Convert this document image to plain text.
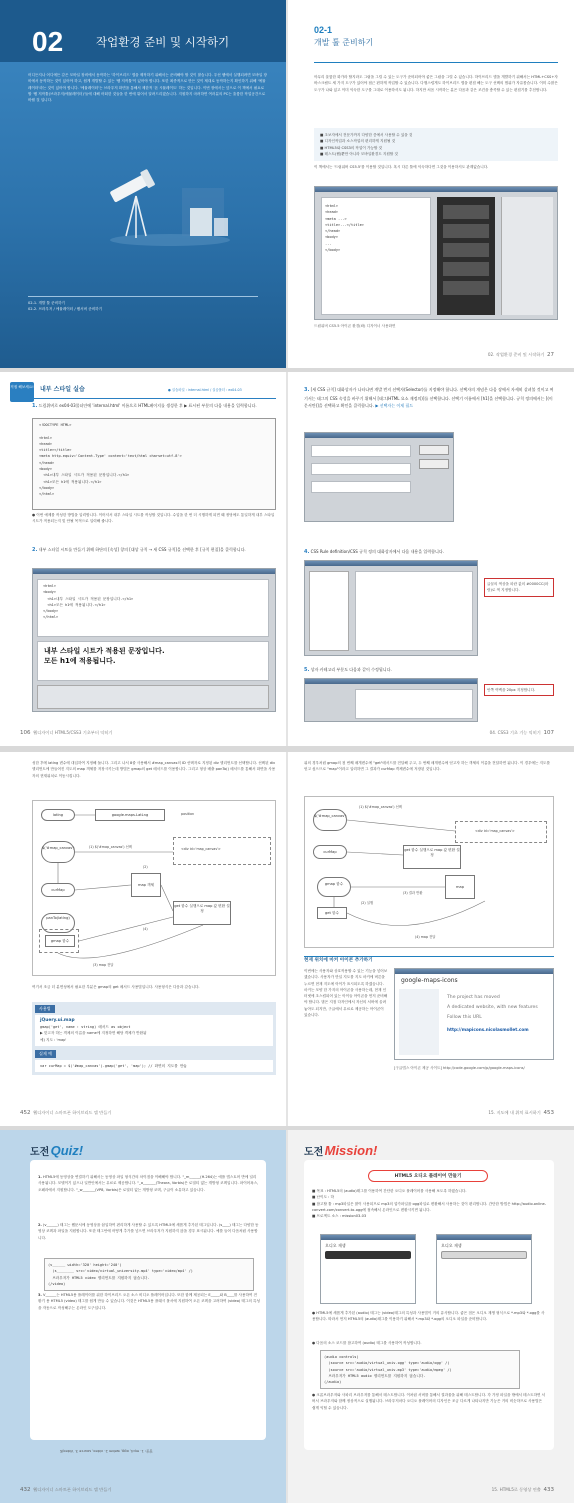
02	작업환경 준비 및 시작하기
어디든지나 어디에든 같은 모바일 장비에서 동작하는 '하이브리드' 앱을 제작하기 위해서는 준비해야 할 것이 많습니다. 우선 웹에서 실행되려면 모바일 장비에서 동작하는 것이 있어야 하고, 쉽게 개발할 수 있는 '웹 저작툴'이 있어야 합니다. 또한 최종적으로 만든 것이 제대로 동작하는지 확인하기 위해 '에뮬레이터'라는 것이 있어야 합니다. '에뮬레이터'는 브라우저 화면을 통해서 제한적 '폰 시뮬레이트' 하는 것입니다. 이번 장에서는 앞으로 이 책에서 필요로 할 '웹 저작툴(브라우저/에뮬레이터)'들에 대해 어떠한 것들을 한 번에 뭐어서 알려드리겠습니다. 지원하지 마려하면 여러분의 PC는 훌륭한 작업공간으로 바뀔 것 입니다.
02-1. 개발 툴 준비하기
02-2. 브라우저 / 에뮬레이터 / 웹서버 준비하기
02-1
개발 툴 준비하기
아무리 훌륭한 화가라 할지라도 그림을 그릴 수 있는 도구가 준비되어야 좋은 그림을 그릴 수 있습니다. 하이브리드 앱을 개발하기 위해서는 HTML+CSS+자바스크립트 세 가지 도구가 있어야 접근 편하게 작업할 수 있습니다. 다행스럽게도 하이브리드 앱을 편집 해는 도구 선택의 범위가 자유롭습니다. 이미 수많은 도구가 나와 있고 이미 익숙한 도구를 그대로 이용하셔도 됩니다. 하지만 처음 시작하는 분은 다음과 같은 조건을 충족할 수 있는 편집기를 추천합니다.
■ 초보자에서 전문가까지 다양한 층에서 사용할 수 있을 것
■ 디자인작업과 소스작업의 편리하게 지원될 것
■ HTML5와 CSS3의 작업이 가능할 것
■ 테스트(웹)뿐만 아니라 모바일환경도 지원할 것
이 책에서는 '드림위버 CS5.5'를 이용할 것입니다. 혹시 다른 툴에 익숙하다면 그것을 이용하셔도 관계없습니다.
<html>
<head>
<meta ...>
<title>...</title>
</head>
<body>
...
</body>
드림위버 CS5.5 아이콘 환경(좌) 디자이너 사용화면
02. 작업환경 준비 및 시작하기 27
직접 해보세요! 내부 스타일 실습	● 실습파일 : internal.html / 실습폴더 : ex04-03
1. 드림위버로 ex04-03폴더안에 'internal.html' 이름으로 HTML페이지를 생성한 후 ▶ 표시된 부분의 다음 내용을 입력합니다.
<!DOCTYPE HTML>

<html>
<head>
<title></title>
<meta http-equiv='Content-Type' content='text/html charset=utf-8'>
</head>
<body>
<h1>내부 스타일 시트가 적용된 문장입니다.</h1>
<h1>모든 h1에 적용됩니다.</h1>
</body>
</html>
● 이번 예제를 작성한 방법을 입력합니다. 이어셔서 내부 스타일 시트를 작성할 것입니다. 수업을 한 번 더 시행하게 되면 왜 정당에도 통일하게 내부 스타일 시트가 적용되는지 및 안될 목적으로 입력해 줍니다.
2. 내부 스타일 시트를 만들기 위해 하단의 [속성] 창의 [대상 규칙 → 새 CSS 규칙]을 선택한 후 [규칙 편집]을 클릭합니다.
<html>
<body>
<h1>내부 스타일 시트가 적용된 문장입니다.</h1>
<h1>모든 h1에 적용됩니다.</h1>
</body>
</html>
내부 스타일 시트가 적용된 문장입니다.
모든 h1에 적용됩니다.
106 웹디자이너 HTML5/CSS3 기초부터 익히기
3. [새 CSS 규칙] 대화상자가 나타나면 개발 번지 선택자(Selector)를 지정해야 합니다. 선택자의 개념은 다음 장에서 자세히 살펴볼 것이고 여기서는 태그의 CSS 속성을 바꾸기 위해서 [태그(HTML 요소 재정의)]를 선택합니다. 선택기 이름에서 [h1]을 선택합니다. 규칙 정의에서는 [(이 문서만)]을 선택하고 확인을 클릭합니다. ▶ 선택자는 이제 필드
4. CSS Rule definition/CSS 규칙 정의 대화상자에서 다음 내용을 입력합니다.
글꼴의 색상을 파란 값의 #0000CC(파랑)로 색 지정합니다.
5. 상자 카테고리 부분도 다음과 같이 수정됩니다.
안쪽 여백을 20px 지정합니다.
04. CSS3 기초 기능 익히기 107
성한 후에 latlng 변수에 대입하여 지정해 둡니다. 그리고 나서 8줄 사용해서 #map_canvas의 ID 선택자로 지정된 div 엘리먼트를 선택합니다. 선택된 div 엘리먼트에 만들어진 지도의 map 객체를 저장시키는데 방법은 gmap의 get 메서드를 이용합니다. 그리고 형상 배출 panTo() 메서드를 통해서 화면을 사용자의 현재위치로 이동시킵니다.
latlng	google.maps.LatLng	position
$('#map_canvas')	(1) $('#map_canvas') 선택	<div id='map_canvas'>
curMap
panTo(latlng)
map 객체
get 함수 실행으로 map 값 변환 설정
gmap 함수
(3) map 전달
(2)
(4)
여기서 조금 더 분면성에서 필요한 부분은 gmap의 get 메서드 사용법입니다. 사용형식은 다음과 같습니다.
사용법
jQuery.ui.map
gmap('get', name : string) 메서드 as object
▶ 맞고자 하는 객체의 이름을 name에 지정하면 해당 객체가 반환됨
예) 지도 : 'map'
실제 예
var curMap = $('#map_canvas').gmap('get', 'map'); // 화면의 지도를 만듦
452 웹디자이너 스마트폰 하이브리드 앱 만들기
위의 경우처럼 gmap의 첫 번째 매개변수에 "get"메서드를 전달해 주고, 두 번째 매개변수에 얻고자 하는 객체의 이름을 전달하면 됩니다. 이 경우에는 지도를 얻고 싶으므로 "map"이라고 입력하면 그 결과가 curMap 객체변수에 저장된 것입니다.
$('#map_canvas')
(1) $('#map_canvas') 선택
<div id='map_canvas'>
curMap	get 함수 실행으로 map 값 변환 설정
gmap 함수
get 함수
map
(2) 실행
(3) 결과 반환
(4) map 전달
현재 위치에 마커 아이콘 추가하기
이번에는 사용자와 상호작용할 수 있는 기능을 넣어보겠습니다. 사용자가 만일 지도를 지도 마커에 버튼을 누르면 현재 지도에 아이가 표시되도록 하겠습니다. 마커는 모양 한 가지의 아이콘을 사용하는데, 현재 인터넷에 초스럽되어 있는 아이들 아이콘을 먼저 준비해야 합니다. 많은 지점 다자인에서 자신의 서버에 올려놓아도 되지만, 구글에서 무료로 제공하는 아이콘이 있습니다.
google-maps-icons
The project has moved
A dedicated website, with new features
Follow this URL
http://mapicons.nicolasmollet.com
[구글맵스 아이콘 제공 사이트] http://code.google.com/p/google-maps-icons/
15. 지도에 내 위치 표시하기 453
도전 Quiz!
1. HTML5에 동영상을 연결하기 위해서는 동영상 파일 형식간의 차이점을 이해해야 합니다. "_m______(H.264)는 애플 앱스토어 반에 널리 사용됩니다. 모델이기 있으나 일반인에서는 무료로 제공합니다. "_o_______(Theora, Vorbis)은 로열티 없는 개방형 코덱입니다. 파이어폭스, 오페라에서 지원합니다. "_w_______(VP8, Vorbis)은 로열티 없는 개방형 코덱, 구글이 소유하고 있습니다.
2. (v______) 태그는 웹문서에 동영상을 삽입하여 편리하게 사용할 수 있도록 HTML5에 새롭게 추가된 태그입니다. (s____) 태그는 다양한 동영상 코덱과 파일을 지원합니다. 또한 태그안에 어떻게 추가를 넣으면 브라우저가 지원하지 않을 경우 표시됩니다. 예를 들어 다음처럼 사용합니다.
(v______ width='320' height='240')
(s________ src='video/virtual_university.mp4' type='video/mp4' /)
브라우저가 HTML5 video 엘리먼트를 지원하지 않습니다.
(/video)
3. V______는 HTML5용 플레이어를 위한 하이브리드 오픈 소스 비디오 플레이어입니다. 또한 함께 제공되는 E_____와 B____를 사용하여 전환기 용 HTML5 (video) 태그를 쉽게 만들 수 있습니다. 이것은 HTML5용 플래시 폴서에 지원하여 오픈 코덱을 고려하여 (video) 태그의 특성을 자동으로 작성해주는 온라인 도구입니다.
정답: 1. mp4, ogg, webm 2. video, source 3. VideoJS
432 웹디자이너 스마트폰 하이브리드 앱 만들기
도전 Mission!
HTML5 오디오 플레이어 만들기
■ 목표 : HTML5의 (audio)태그를 이용하여 간단한 오디오 플레이어를 사용해 보도록 하겠습니다.
■ 난이도 : 하
■ 참고할 툴 : mp3파일은 많이 사용되므로 mp3의 업카파일을 ogg파일로 변환해서 사용하는 것이 편리합니다. 간단한 방법은 http://audio.online-convert.com/convert-to-ogg에 접속해서 온라인으로 변환시키면 됩니다.
■ 프로젝트 소스 : mission03-03
오디오 재생	오디오 재생
● HTML5에 새롭게 추가된 (audio) 태그는 (video)태그의 특성과 사용법이 거의 유사합니다. 좋은 점은 오디오 재생 형식으로 *.mp3와 *.ogg를 사용합니다. 따라서 먼저 HTML5의 (audio)태그를 이용하기 위해서 *.mp3와 *.ogg의 오디오 파일을 준비합니다.
● 다음의 소스 코드를 참고하여 (audio) 태그를 사용하여 작성합니다.
(audio controls)
(source src='audio/virtual_univ.ogg' type='audio/ogg' /)
(source src='audio/virtual_univ.mp3' type='audio/mpeg' /)
브라우저가 HTML5 audio 엘리먼트를 지원하지 않습니다.
(/audio)
● 크롬브라우저와 사파리 브라우저를 통해서 테스트합니다. 이처럼 서버를 통해서 결과물을 위해 테스트합니다. 각 가정 파일을 밖에서 테스트하면 서버서 브라우저와 함께 정상적으로 실행됩니다. 브라우저마다 오디오 플레이어의 디자인은 조금 다르게 나타나지만 기능은 거의 비슷하므로 사용법은 쉽게 익힐 수 있습니다.
15. HTML5로 동영상 연출 433
